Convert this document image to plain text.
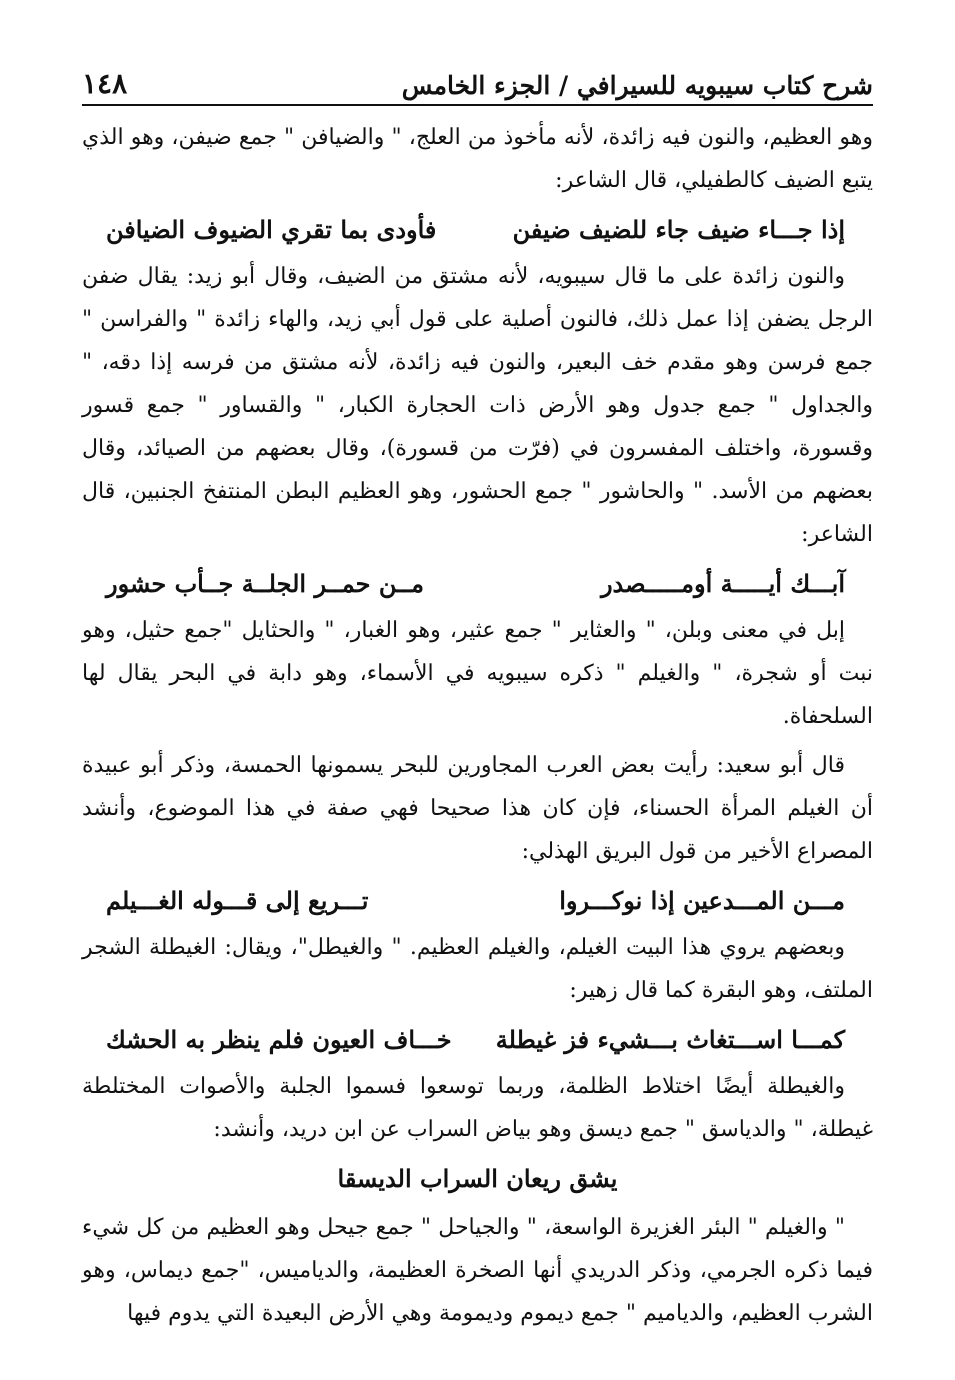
١٤٨	شرح كتاب سيبويه للسيرافي / الجزء الخامس

وهو العظيم، والنون فيه زائدة، لأنه مأخوذ من العلج، " والضيافن " جمع ضيفن، وهو الذي يتبع الضيف كالطفيلي، قال الشاعر:

إذا جـــاء ضيف جاء للضيف ضيفن
فأودى بما تقري الضيوف الضيافن

والنون زائدة على ما قال سيبويه، لأنه مشتق من الضيف، وقال أبو زيد: يقال ضفن الرجل يضفن إذا عمل ذلك، فالنون أصلية على قول أبي زيد، والهاء زائدة " والفراسن " جمع فرسن وهو مقدم خف البعير، والنون فيه زائدة، لأنه مشتق من فرسه إذا دقه، " والجداول " جمع جدول وهو الأرض ذات الحجارة الكبار، " والقساور " جمع قسور وقسورة، واختلف المفسرون في (فرّت من قسورة)، وقال بعضهم من الصيائد، وقال بعضهم من الأسد. " والحاشور " جمع الحشور، وهو العظيم البطن المنتفخ الجنبين، قال الشاعر:

آبـــك أيـــــة أومـــــصدر
مــن حمــر الجلــة جــأب حشور

إبل في معنى وبلن، " والعثاير " جمع عثير، وهو الغبار، " والحثايل "جمع حثيل، وهو نبت أو شجرة، " والغيلم " ذكره سيبويه في الأسماء، وهو دابة في البحر يقال لها السلحفاة.

قال أبو سعيد: رأيت بعض العرب المجاورين للبحر يسمونها الحمسة، وذكر أبو عبيدة أن الغيلم المرأة الحسناء، فإن كان هذا صحيحا فهي صفة في هذا الموضوع، وأنشد المصراع الأخير من قول البريق الهذلي:

مـــن المـــدعين إذا نوكـــروا
تـــريع إلى قـــوله الغـــيلم

وبعضهم يروي هذا البيت الغيلم، والغيلم العظيم. " والغيطل"، ويقال: الغيطلة الشجر الملتف، وهو البقرة كما قال زهير:

كمـــا اســـتغاث بـــشيء فز غيطلة
خـــاف العيون فلم ينظر به الحشك

والغيطلة أيضًا اختلاط الظلمة، وربما توسعوا فسموا الجلبة والأصوات المختلطة غيطلة، " والدياسق " جمع ديسق وهو بياض السراب عن ابن دريد، وأنشد:

يشق ريعان السراب الديسقا

" والغيلم " البئر الغزيرة الواسعة، " والجياحل " جمع جيحل وهو العظيم من كل شيء فيما ذكره الجرمي، وذكر الدريدي أنها الصخرة العظيمة، والدياميس، "جمع ديماس، وهو الشرب العظيم، والدياميم " جمع ديموم وديمومة وهي الأرض البعيدة التي يدوم فيها
